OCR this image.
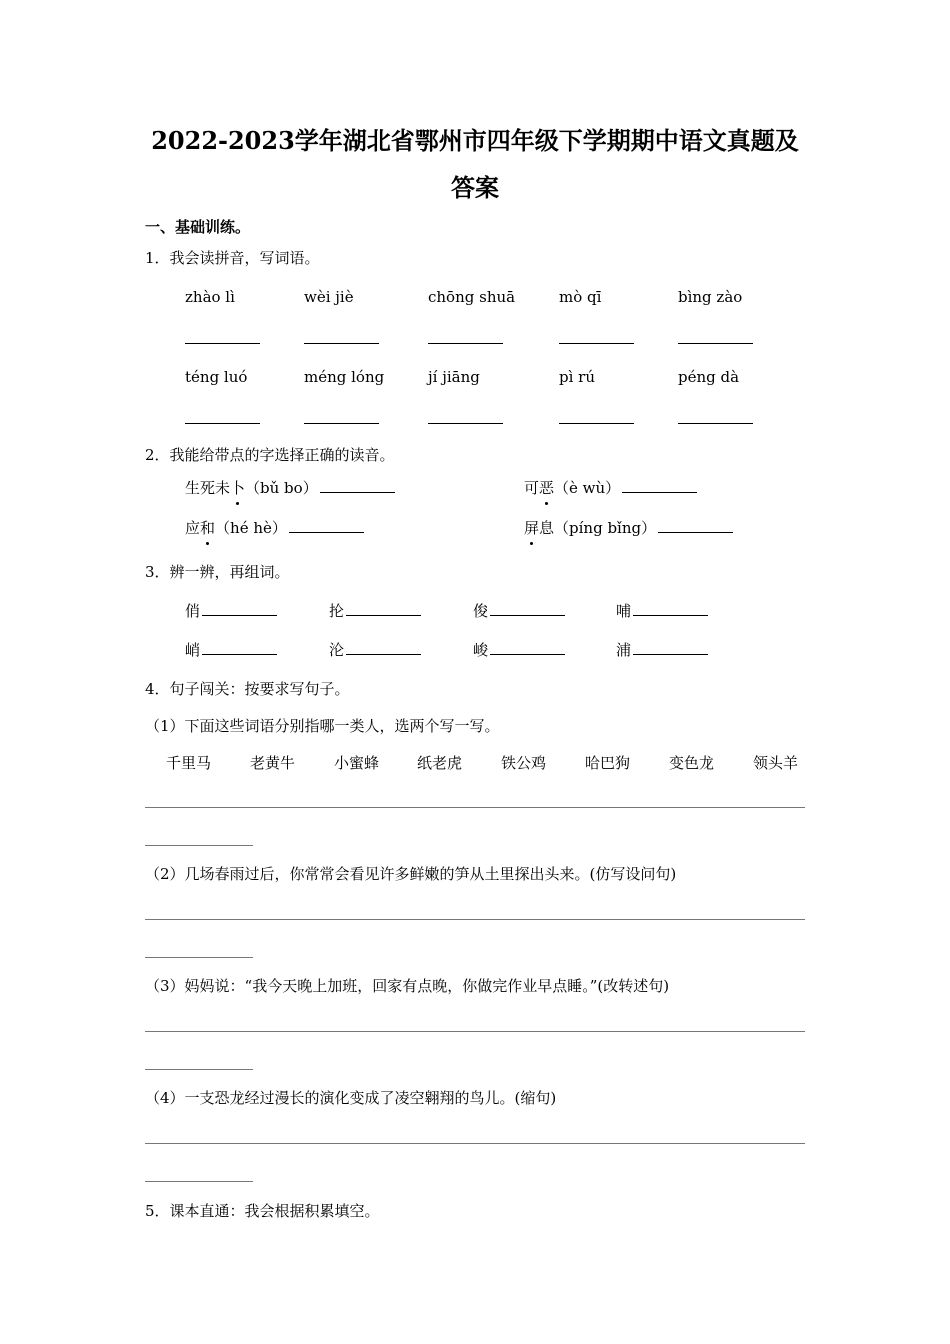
2022-2023学年湖北省鄂州市四年级下学期期中语文真题及
答案
一、基础训练。
1．我会读拼音，写词语。
zhào lì	wèi jiè	chōng shuā	mò qī	bìng zào
téng luó	méng lóng	jí jiāng	pì rú	péng dà
2．我能给带点的字选择正确的读音。
生死未卜（bǔ bo）	可恶（è wù）
应和（hé hè）	屏息（píng bǐng）
3．辨一辨，再组词。
俏	抡	俊	哺
峭	沦	峻	浦
4．句子闯关：按要求写句子。
（1）下面这些词语分别指哪一类人，选两个写一写。
千里马	老黄牛	小蜜蜂	纸老虎	铁公鸡	哈巴狗	变色龙	领头羊
（2）几场春雨过后，你常常会看见许多鲜嫩的笋从土里探出头来。(仿写设问句)
（3）妈妈说：“我今天晚上加班，回家有点晚，你做完作业早点睡。”(改转述句)
（4）一支恐龙经过漫长的演化变成了凌空翱翔的鸟儿。(缩句)
5．课本直通：我会根据积累填空。
